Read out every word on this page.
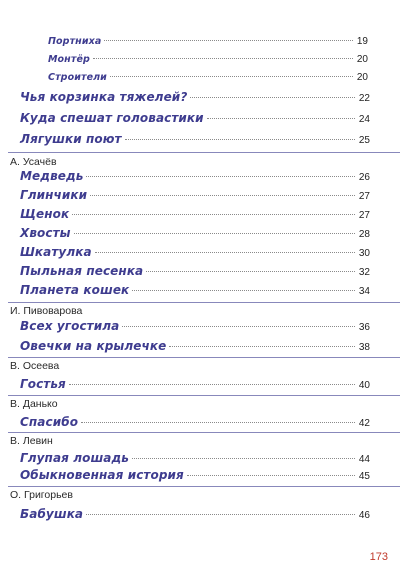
Портниха	19
Монтёр	20
Строители	20
Чья корзинка тяжелей?	22
Куда спешат головастики	24
Лягушки поют	25
А. Усачёв
Медведь	26
Глинчики	27
Щенок	27
Хвосты	28
Шкатулка	30
Пыльная песенка	32
Планета кошек	34
И. Пивоварова
Всех угостила	36
Овечки на крылечке	38
В. Осеева
Гостья	40
В. Данько
Спасибо	42
В. Левин
Глупая лошадь	44
Обыкновенная история	45
О. Григорьев
Бабушка	46
173
